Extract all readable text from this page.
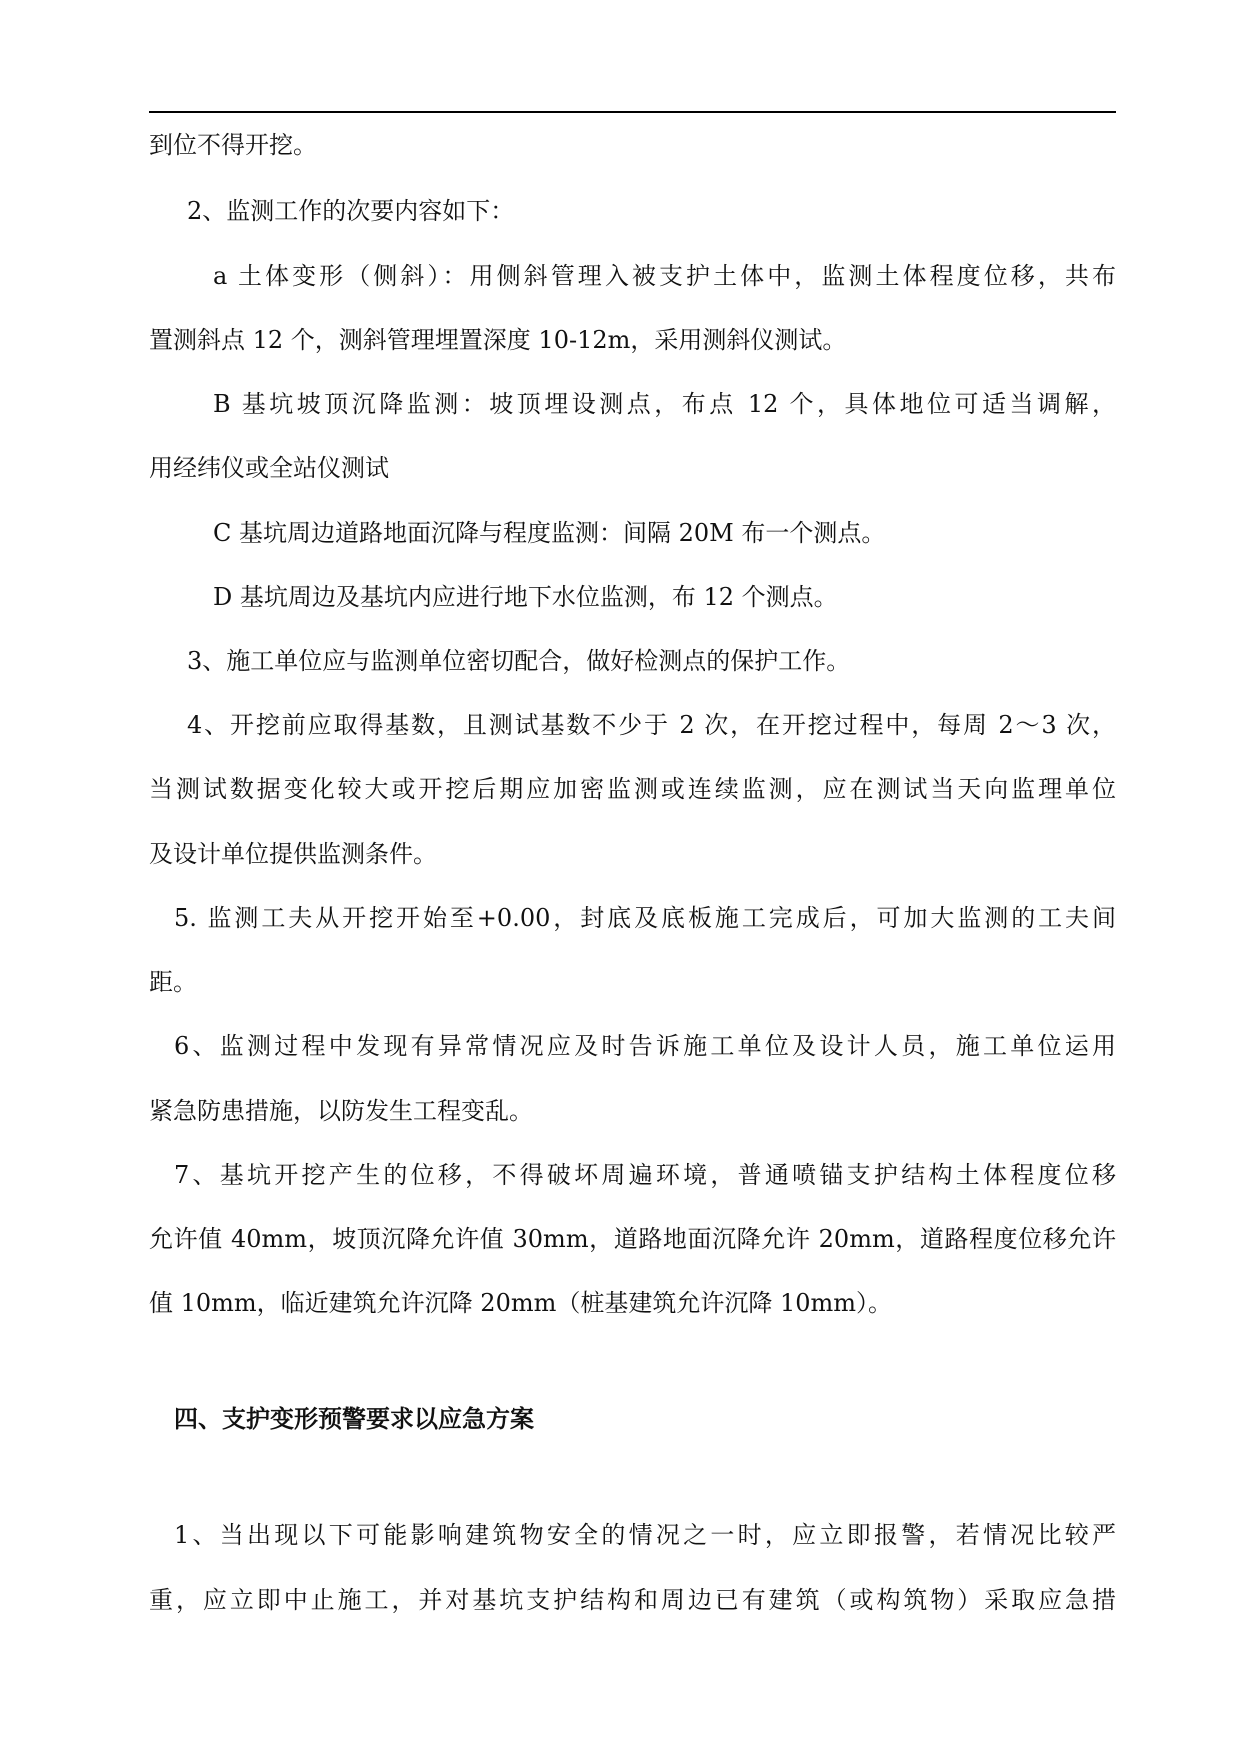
到位不得开挖。
2、监测工作的次要内容如下：
a 土体变形（侧斜）：用侧斜管理入被支护土体中，监测土体程度位移，共布
置测斜点 12 个，测斜管理埋置深度 10-12m，采用测斜仪测试。
B 基坑坡顶沉降监测：坡顶埋设测点，布点 12 个，具体地位可适当调解，
用经纬仪或全站仪测试
C 基坑周边道路地面沉降与程度监测：间隔 20M 布一个测点。
D 基坑周边及基坑内应进行地下水位监测，布 12 个测点。
3、施工单位应与监测单位密切配合，做好检测点的保护工作。
4、开挖前应取得基数，且测试基数不少于 2 次，在开挖过程中，每周 2～3 次，
当测试数据变化较大或开挖后期应加密监测或连续监测，应在测试当天向监理单位
及设计单位提供监测条件。
5. 监测工夫从开挖开始至+0.00，封底及底板施工完成后，可加大监测的工夫间
距。
6、监测过程中发现有异常情况应及时告诉施工单位及设计人员，施工单位运用
紧急防患措施，以防发生工程变乱。
7、基坑开挖产生的位移，不得破坏周遍环境，普通喷锚支护结构土体程度位移
允许值 40mm，坡顶沉降允许值 30mm，道路地面沉降允许 20mm，道路程度位移允许
值 10mm，临近建筑允许沉降 20mm（桩基建筑允许沉降 10mm）。
四、支护变形预警要求以应急方案
1、当出现以下可能影响建筑物安全的情况之一时，应立即报警，若情况比较严
重，应立即中止施工，并对基坑支护结构和周边已有建筑（或构筑物）采取应急措
